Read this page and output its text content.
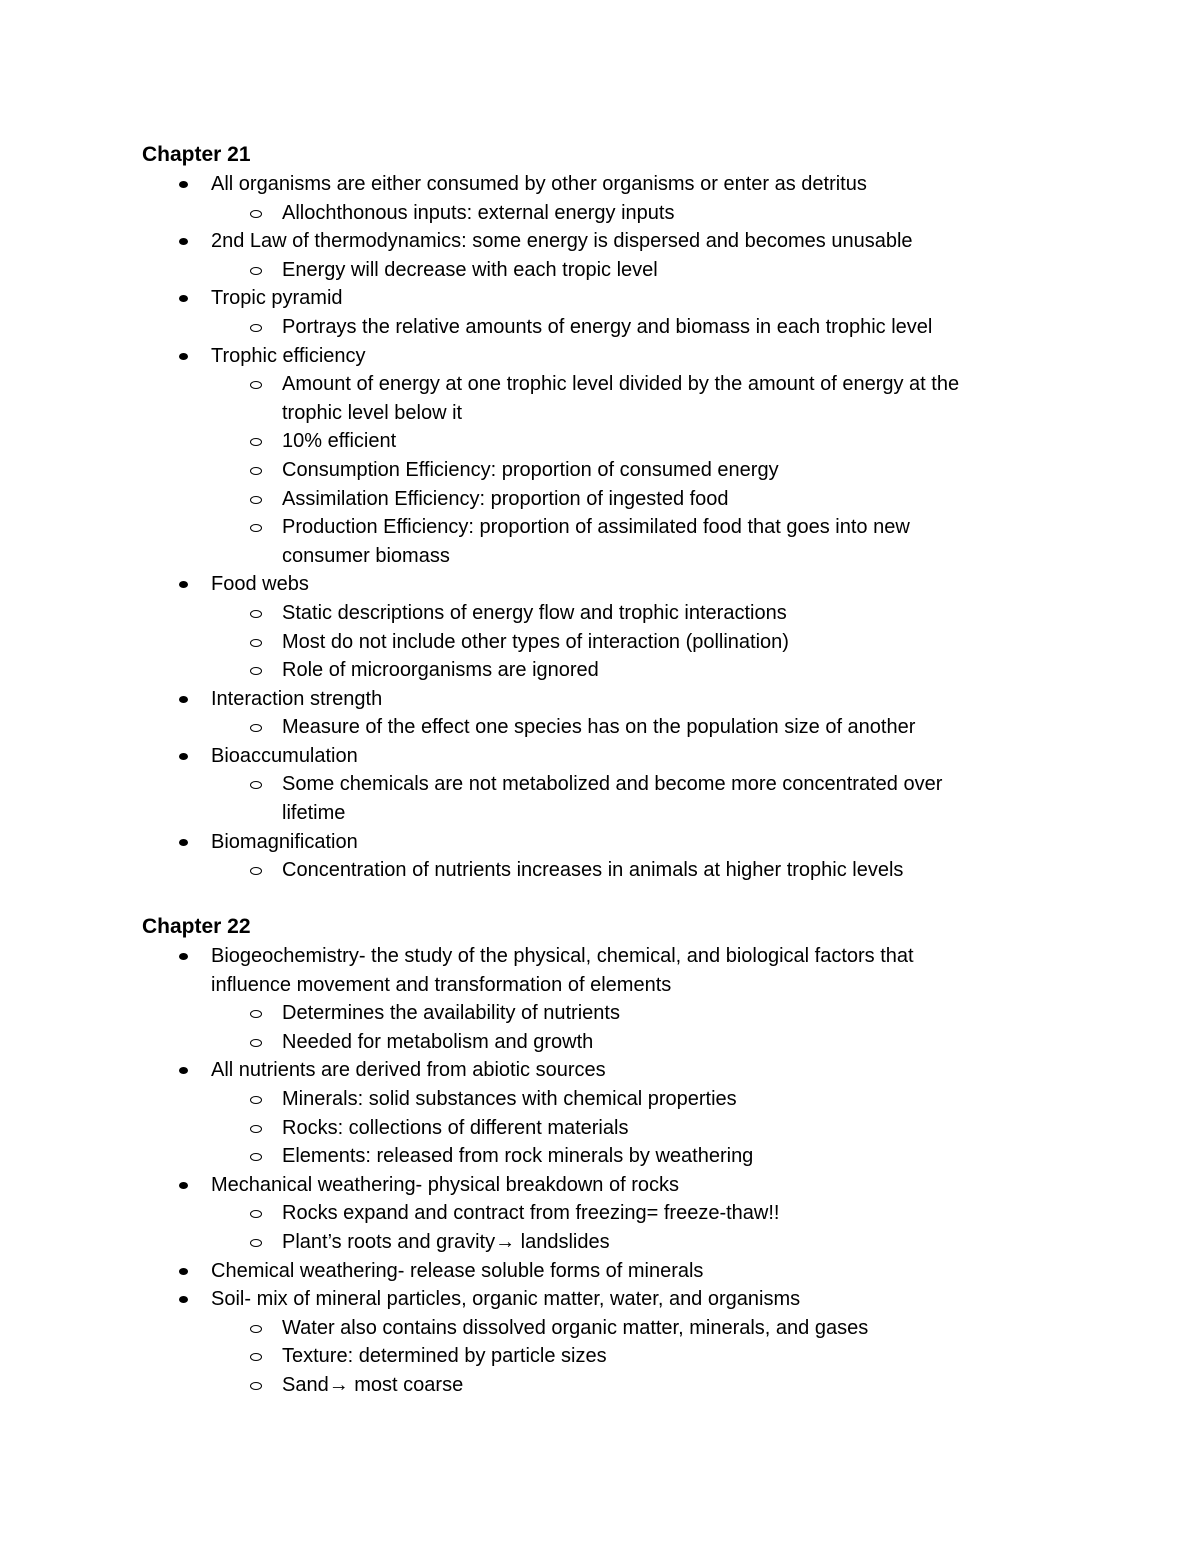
Chapter 21
All organisms are either consumed by other organisms or enter as detritus
Allochthonous inputs: external energy inputs
2nd Law of thermodynamics: some energy is dispersed and becomes unusable
Energy will decrease with each tropic level
Tropic pyramid
Portrays the relative amounts of energy and biomass in each trophic level
Trophic efficiency
Amount of energy at one trophic level divided by the amount of energy at the
trophic level below it
10% efficient
Consumption Efficiency: proportion of consumed energy
Assimilation Efficiency: proportion of ingested food
Production Efficiency: proportion of assimilated food that goes into new
consumer biomass
Food webs
Static descriptions of energy flow and trophic interactions
Most do not include other types of interaction (pollination)
Role of microorganisms are ignored
Interaction strength
Measure of the effect one species has on the population size of another
Bioaccumulation
Some chemicals are not metabolized and become more concentrated over
lifetime
Biomagnification
Concentration of nutrients increases in animals at higher trophic levels
Chapter 22
Biogeochemistry- the study of the physical, chemical, and biological factors that
influence movement and transformation of elements
Determines the availability of nutrients
Needed for metabolism and growth
All nutrients are derived from abiotic sources
Minerals: solid substances with chemical properties
Rocks: collections of different materials
Elements: released from rock minerals by weathering
Mechanical weathering- physical breakdown of rocks
Rocks expand and contract from freezing= freeze-thaw!!
Plant’s roots and gravity→ landslides
Chemical weathering- release soluble forms of minerals
Soil- mix of mineral particles, organic matter, water, and organisms
Water also contains dissolved organic matter, minerals, and gases
Texture: determined by particle sizes
Sand→ most coarse
